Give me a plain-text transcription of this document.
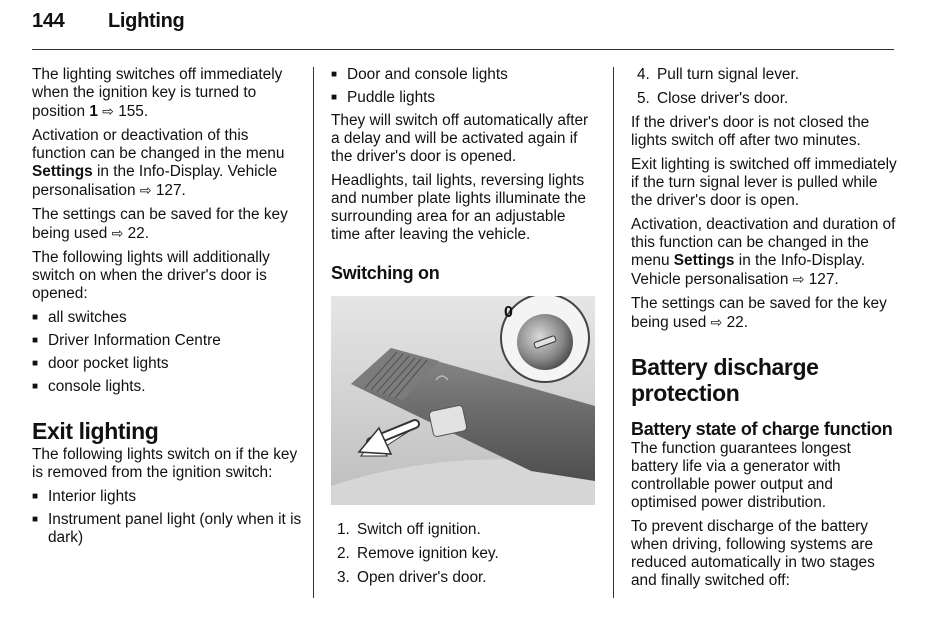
144 Lighting

The lighting switches off immediately when the ignition key is turned to position 1 ⇨ 155.

Activation or deactivation of this function can be changed in the menu Settings in the Info-Display. Vehicle personalisation ⇨ 127.

The settings can be saved for the key being used ⇨ 22.

The following lights will additionally switch on when the driver's door is opened:

■ all switches
■ Driver Information Centre
■ door pocket lights
■ console lights.
Exit lighting

The following lights switch on if the key is removed from the ignition switch:

■ Interior lights
■ Instrument panel light (only when it is dark)
■ Door and console lights
■ Puddle lights

They will switch off automatically after a delay and will be activated again if the driver's door is opened.

Headlights, tail lights, reversing lights and number plate lights illuminate the surrounding area for an adjustable time after leaving the vehicle.

Switching on
0
1. Switch off ignition.
2. Remove ignition key.
3. Open driver's door.
4. Pull turn signal lever.
5. Close driver's door.

If the driver's door is not closed the lights switch off after two minutes.

Exit lighting is switched off immediately if the turn signal lever is pulled while the driver's door is open.

Activation, deactivation and duration of this function can be changed in the menu Settings in the Info-Display. Vehicle personalisation ⇨ 127.

The settings can be saved for the key being used ⇨ 22.

Battery discharge protection
Battery state of charge function

The function guarantees longest battery life via a generator with controllable power output and optimised power distribution.

To prevent discharge of the battery when driving, following systems are reduced automatically in two stages and finally switched off:
